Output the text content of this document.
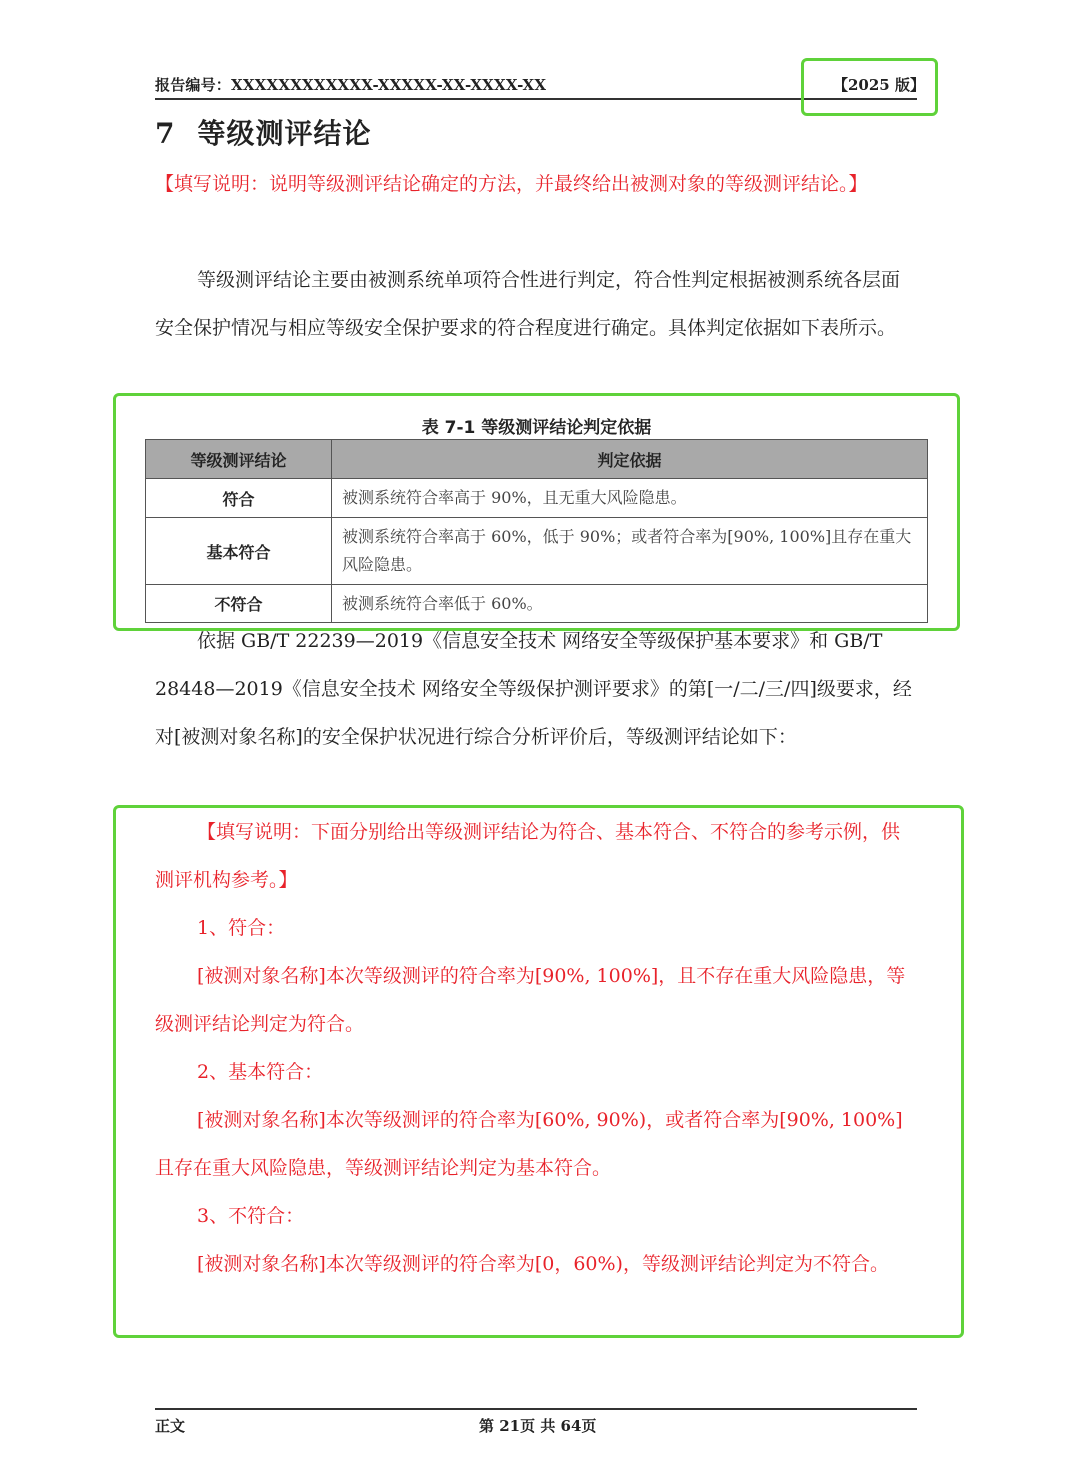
报告编号：XXXXXXXXXXXX-XXXXX-XX-XXXX-XX	【2025 版】
7 等级测评结论
【填写说明：说明等级测评结论确定的方法，并最终给出被测对象的等级测评结论。】
等级测评结论主要由被测系统单项符合性进行判定，符合性判定根据被测系统各层面安全保护情况与相应等级安全保护要求的符合程度进行确定。具体判定依据如下表所示。
表 7-1 等级测评结论判定依据
等级测评结论	判定依据
符合	被测系统符合率高于 90%，且无重大风险隐患。
基本符合	被测系统符合率高于 60%，低于 90%；或者符合率为[90%, 100%]且存在重大风险隐患。
不符合	被测系统符合率低于 60%。
依据 GB/T 22239—2019《信息安全技术 网络安全等级保护基本要求》和 GB/T 28448—2019《信息安全技术 网络安全等级保护测评要求》的第[一/二/三/四]级要求，经对[被测对象名称]的安全保护状况进行综合分析评价后，等级测评结论如下：
【填写说明：下面分别给出等级测评结论为符合、基本符合、不符合的参考示例，供测评机构参考。】
1、符合：
[被测对象名称]本次等级测评的符合率为[90%, 100%]，且不存在重大风险隐患，等级测评结论判定为符合。
2、基本符合：
[被测对象名称]本次等级测评的符合率为[60%, 90%)，或者符合率为[90%, 100%]且存在重大风险隐患，等级测评结论判定为基本符合。
3、不符合：
[被测对象名称]本次等级测评的符合率为[0，60%)，等级测评结论判定为不符合。
正文	第 21页 共 64页
